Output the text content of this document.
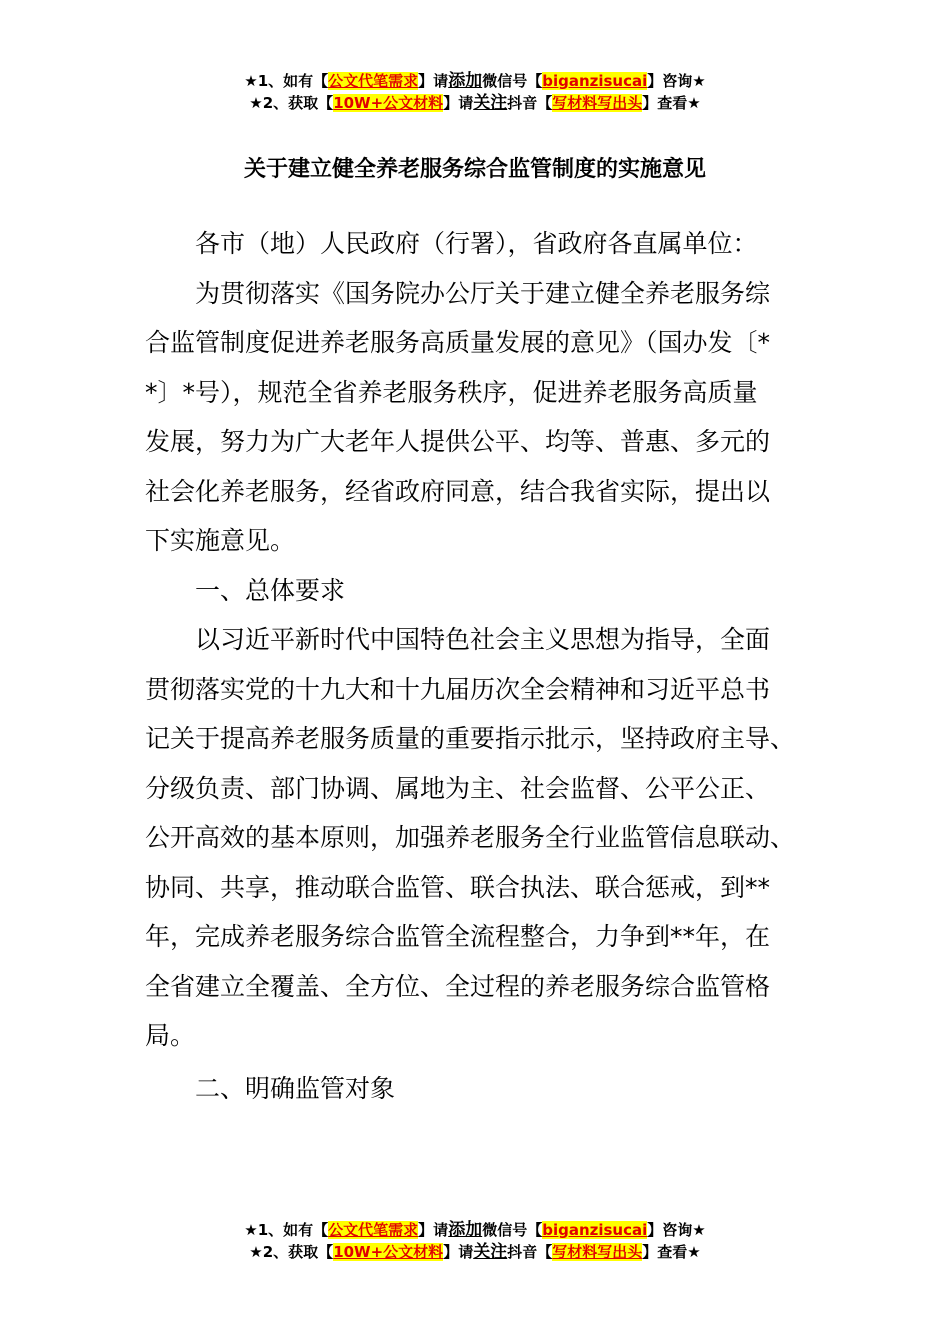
★1、如有【公文代笔需求】请添加微信号【biganzisucai】咨询★
★2、获取【10W+公文材料】请关注抖音【写材料写出头】查看★
关于建立健全养老服务综合监管制度的实施意见
各市（地）人民政府（行署），省政府各直属单位：
为贯彻落实《国务院办公厅关于建立健全养老服务综
合监管制度促进养老服务高质量发展的意见》（国办发〔*
*〕*号），规范全省养老服务秩序，促进养老服务高质量
发展，努力为广大老年人提供公平、均等、普惠、多元的
社会化养老服务，经省政府同意，结合我省实际，提出以
下实施意见。
一、总体要求
以习近平新时代中国特色社会主义思想为指导，全面
贯彻落实党的十九大和十九届历次全会精神和习近平总书
记关于提高养老服务质量的重要指示批示，坚持政府主导、
分级负责、部门协调、属地为主、社会监督、公平公正、
公开高效的基本原则，加强养老服务全行业监管信息联动、
协同、共享，推动联合监管、联合执法、联合惩戒，到**
年，完成养老服务综合监管全流程整合，力争到**年，在
全省建立全覆盖、全方位、全过程的养老服务综合监管格
局。
二、明确监管对象
★1、如有【公文代笔需求】请添加微信号【biganzisucai】咨询★
★2、获取【10W+公文材料】请关注抖音【写材料写出头】查看★
